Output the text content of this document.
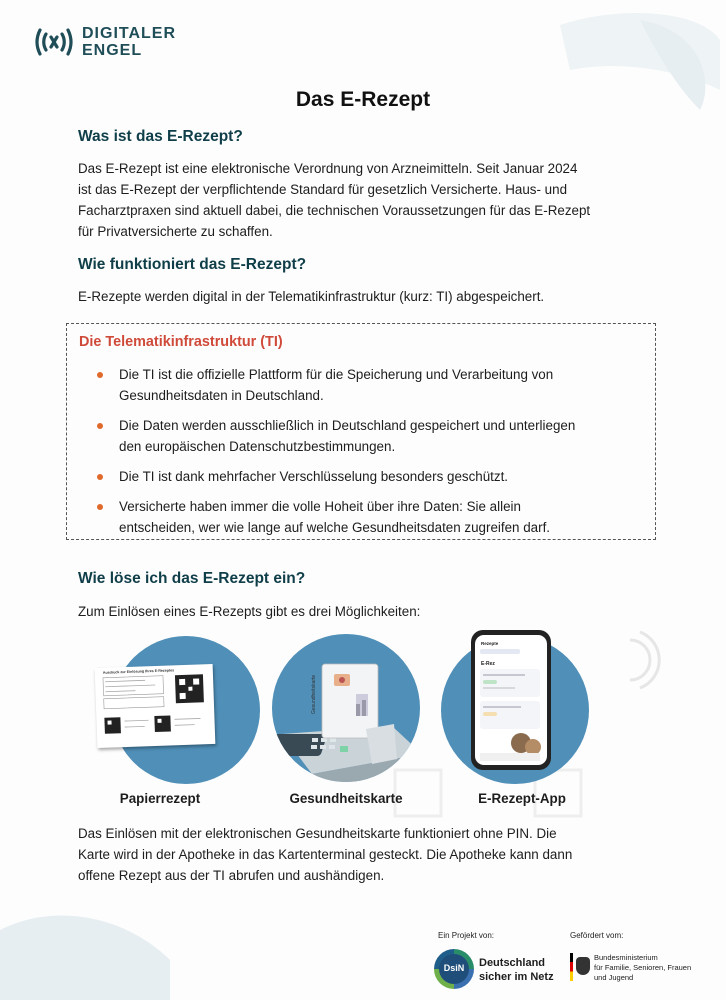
DIGITALER
ENGEL
Das E-Rezept
Was ist das E-Rezept?
Das E-Rezept ist eine elektronische Verordnung von Arzneimitteln. Seit Januar 2024
ist das E-Rezept der verpflichtende Standard für gesetzlich Versicherte. Haus- und
Facharztpraxen sind aktuell dabei, die technischen Voraussetzungen für das E-Rezept
für Privatversicherte zu schaffen.
Wie funktioniert das E-Rezept?
E-Rezepte werden digital in der Telematikinfrastruktur (kurz: TI) abgespeichert.
Die Telematikinfrastruktur (TI)
Die TI ist die offizielle Plattform für die Speicherung und Verarbeitung von
Gesundheitsdaten in Deutschland.
Die Daten werden ausschließlich in Deutschland gespeichert und unterliegen
den europäischen Datenschutzbestimmungen.
Die TI ist dank mehrfacher Verschlüsselung besonders geschützt.
Versicherte haben immer die volle Hoheit über ihre Daten: Sie allein
entscheiden, wer wie lange auf welche Gesundheitsdaten zugreifen darf.
Wie löse ich das E-Rezept ein?
Zum Einlösen eines E-Rezepts gibt es drei Möglichkeiten:
Ausdruck zur Einlösung Ihres E-Rezeptes
Papierrezept
Gesundheitskarte
Gesundheitskarte
Rezepte
E-Rez
E-Rezept-App
Das Einlösen mit der elektronischen Gesundheitskarte funktioniert ohne PIN. Die
Karte wird in der Apotheke in das Kartenterminal gesteckt. Die Apotheke kann dann
offene Rezept aus der TI abrufen und aushändigen.
Ein Projekt von:
DsiN	Deutschland
sicher im Netz
Gefördert vom:
Bundesministerium
für Familie, Senioren, Frauen
und Jugend
